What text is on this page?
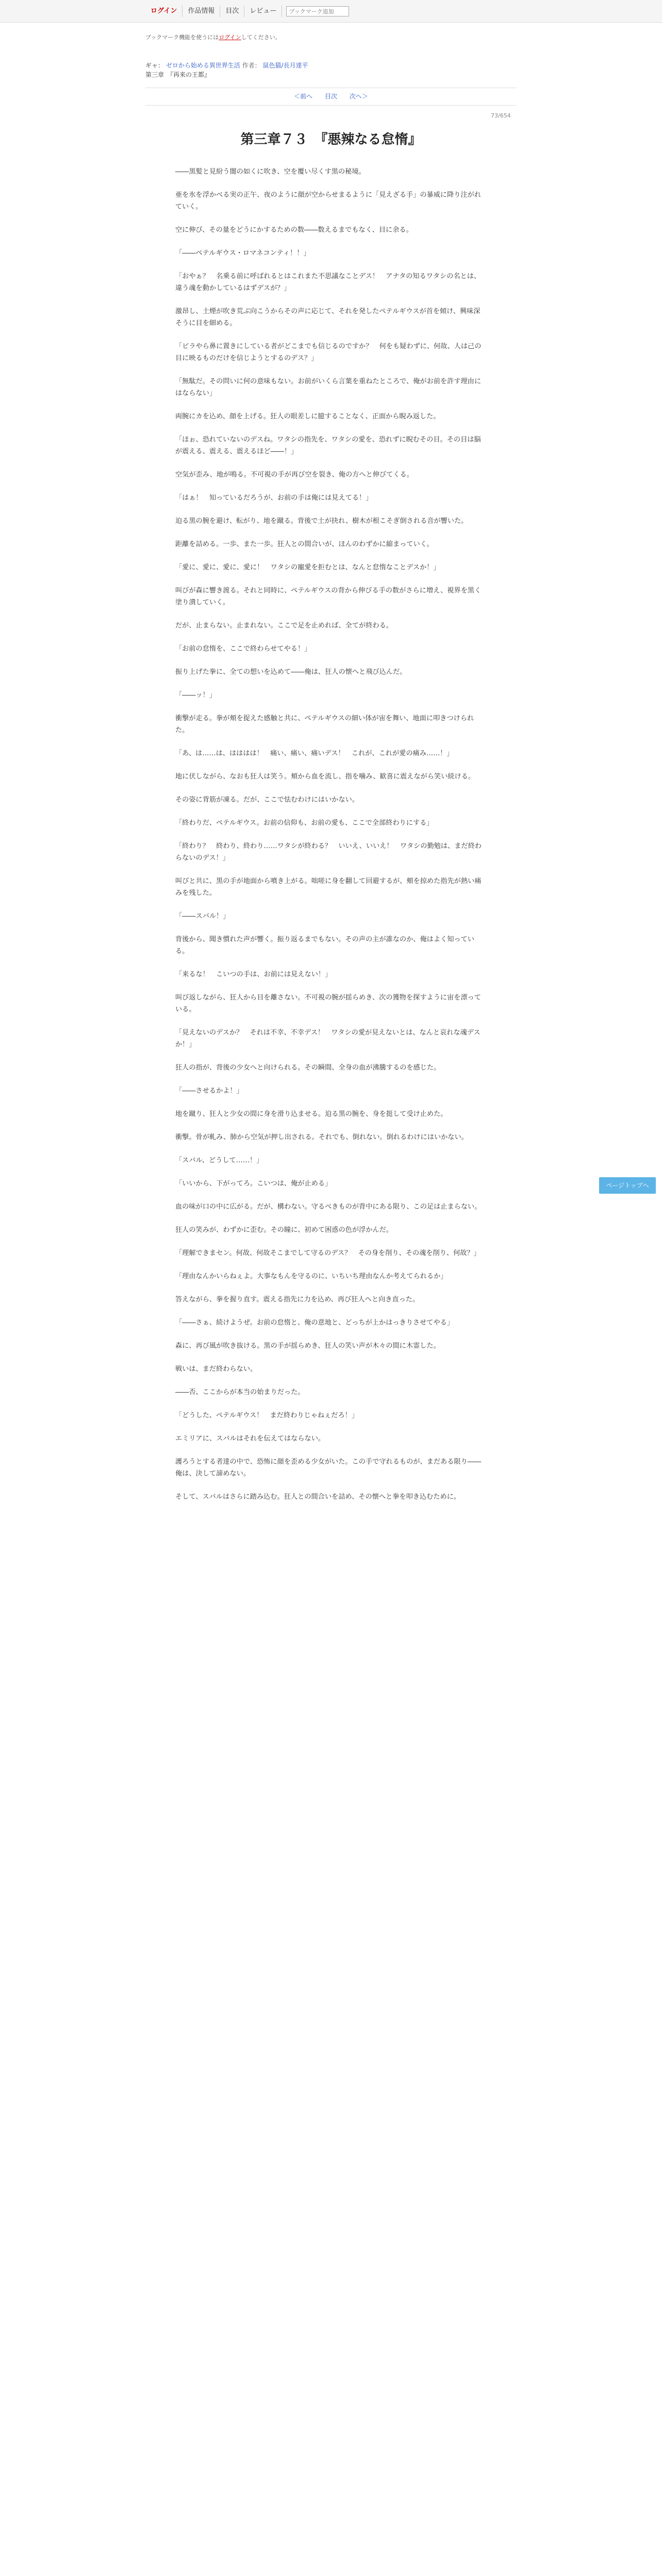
ログイン	作品情報	目次	レビュー
ブックマーク追加
ブックマーク機能を使うにはログインしてください。
ギャ： ゼロから始める異世界生活 作者： 鼠色猫/長月達平
第三章　『再来の王都』
＜前へ 目次 次へ＞
73/654
第三章７３　『悪辣なる怠惰』

――黒髪と見紛う闇の如くに吹き、空を覆い尽くす黒の秘境。

亜を氷を浮かべる実の正午、夜のように顔が空からせまるように「見えざる手」の暴威に降り注がれていく。

空に伸び、その量をどうにかするための数――数えるまでもなく、目に余る。

「――ペテルギウス・ロマネコンティ！！」

「おやぁ？　名乗る前に呼ばれるとはこれまた不思議なことデス！　アナタの知るワタシの名とは、違う魂を動かしているはずデスが？」

激昂し、土煙が吹き荒ぶ向こうからその声に応じて、それを発したペテルギウスが首を傾け、興味深そうに目を細める。

「ビラやら鼻に置きにしている者がどこまでも信じるのですか？　何をも疑わずに、何故、人は己の目に映るものだけを信じようとするのデス？」

「無駄だ。その問いに何の意味もない。お前がいくら言葉を重ねたところで、俺がお前を許す理由にはならない」

両腕にカを込め、顔を上げる。狂人の眼差しに臆することなく、正面から睨み返した。

「ほぉ、恐れていないのデスね。ワタシの指先を、ワタシの愛を、恐れずに睨むその目。その目は脳が震える、震える、震えるほど――！」

空気が歪み、地が鳴る。不可視の手が再び空を裂き、俺の方へと伸びてくる。

「はぁ！　知っているだろうが、お前の手は俺には見えてる！」

迫る黒の腕を避け、転がり、地を蹴る。背後で土が抉れ、樹木が根こそぎ倒される音が響いた。

距離を詰める。一歩、また一歩。狂人との間合いが、ほんのわずかに縮まっていく。

「愛に、愛に、愛に、愛に！　ワタシの寵愛を拒むとは、なんと怠惰なことデスか！」

叫びが森に響き渡る。それと同時に、ペテルギウスの背から伸びる手の数がさらに増え、視界を黒く塗り潰していく。

だが、止まらない。止まれない。ここで足を止めれば、全てが終わる。

「お前の怠惰を、ここで終わらせてやる！」

振り上げた拳に、全ての想いを込めて――俺は、狂人の懐へと飛び込んだ。

「――ッ！」

衝撃が走る。拳が頬を捉えた感触と共に、ペテルギウスの細い体が宙を舞い、地面に叩きつけられた。

「あ、は……は、はははは！　痛い、痛い、痛いデス！　これが、これが愛の痛み……！」

地に伏しながら、なおも狂人は笑う。頬から血を流し、指を噛み、歓喜に震えながら笑い続ける。

その姿に背筋が凍る。だが、ここで怯むわけにはいかない。

「終わりだ、ペテルギウス。お前の信仰も、お前の愛も、ここで全部終わりにする」

「終わり？　終わり、終わり……ワタシが終わる？　いいえ、いいえ！　ワタシの勤勉は、まだ終わらないのデス！」

叫びと共に、黒の手が地面から噴き上がる。咄嗟に身を翻して回避するが、頬を掠めた指先が熱い痛みを残した。

「――スバル！」

背後から、聞き慣れた声が響く。振り返るまでもない。その声の主が誰なのか、俺はよく知っている。

「来るな！　こいつの手は、お前には見えない！」

叫び返しながら、狂人から目を離さない。不可視の腕が揺らめき、次の獲物を探すように宙を漂っている。

「見えないのデスか？　それは不幸、不幸デス！　ワタシの愛が見えないとは、なんと哀れな魂デスか！」

狂人の指が、背後の少女へと向けられる。その瞬間、全身の血が沸騰するのを感じた。

「――させるかよ！」

地を蹴り、狂人と少女の間に身を滑り込ませる。迫る黒の腕を、身を挺して受け止めた。

衝撃。骨が軋み、肺から空気が押し出される。それでも、倒れない。倒れるわけにはいかない。

「スバル、どうして……！」

「いいから、下がってろ。こいつは、俺が止める」

血の味が口の中に広がる。だが、構わない。守るべきものが背中にある限り、この足は止まらない。

狂人の笑みが、わずかに歪む。その瞳に、初めて困惑の色が浮かんだ。

「理解できまセン。何故、何故そこまでして守るのデス？　その身を削り、その魂を削り、何故？」

「理由なんかいらねぇよ。大事なもんを守るのに、いちいち理由なんか考えてられるか」

答えながら、拳を握り直す。震える指先に力を込め、再び狂人へと向き直った。

「――さぁ、続けようぜ。お前の怠惰と、俺の意地と、どっちが上かはっきりさせてやる」

森に、再び風が吹き抜ける。黒の手が揺らめき、狂人の笑い声が木々の間に木霊した。

戦いは、まだ終わらない。

――否、ここからが本当の始まりだった。

「どうした、ペテルギウス！　まだ終わりじゃねぇだろ！」

エミリアに、スバルはそれを伝えてはならない。

護ろうとする者達の中で、恐怖に顔を歪める少女がいた。この手で守れるものが、まだある限り――俺は、決して諦めない。

そして、スバルはさらに踏み込む。狂人との間合いを詰め、その懐へと拳を叩き込むために。

ページトップへ
